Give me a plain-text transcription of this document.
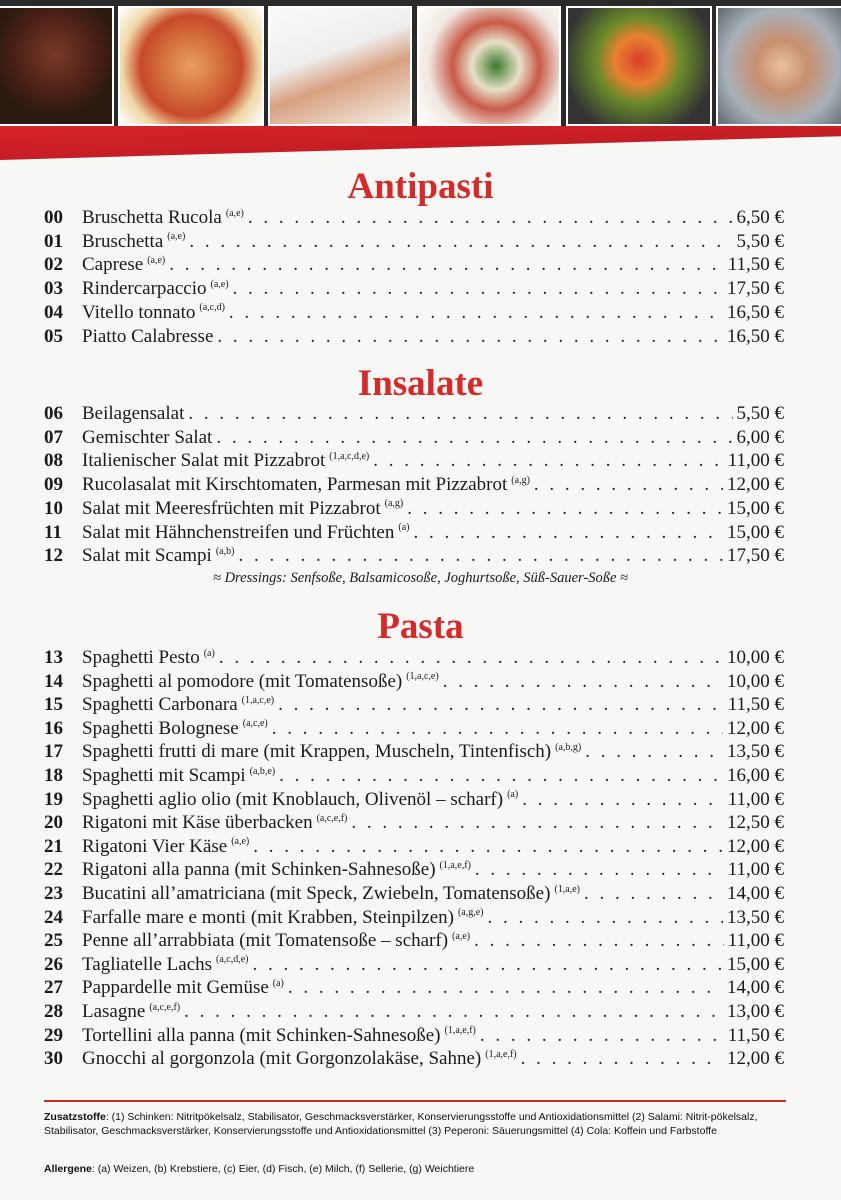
Antipasti
00	Bruschetta Rucola $^{(a,e)}$ . . .	6,50 €
01	Bruschetta $^{(a,e)}$ . . .	5,50 €
02	Caprese $^{(a,e)}$ . . .	11,50 €
03	Rindercarpaccio $^{(a,e)}$ . . .	17,50 €
04	Vitello tonnato $^{(a,c,d)}$ . . .	16,50 €
05	Piatto Calabresse . . .	16,50 €
Insalate
06	Beilagensalat . . .	5,50 €
07	Gemischter Salat . . .	6,00 €
08	Italienischer Salat mit Pizzabrot $^{(1,a,c,d,e)}$ . . .	11,00 €
09	Rucolasalat mit Kirschtomaten, Parmesan mit Pizzabrot $^{(a,g)}$ . . .	12,00 €
10	Salat mit Meeresfrüchten mit Pizzabrot $^{(a,g)}$ . . .	15,00 €
11	Salat mit Hähnchenstreifen und Früchten $^{(a)}$ . . .	15,00 €
12	Salat mit Scampi $^{(a,b)}$ . . .	17,50 €
≈ Dressings: Senfsoße, Balsamicosoße, Joghurtsoße, Süß-Sauer-Soße ≈
Pasta
13	Spaghetti Pesto $^{(a)}$ . . .	10,00 €
14	Spaghetti al pomodore (mit Tomatensoße) $^{(1,a,c,e)}$ . . .	10,00 €
15	Spaghetti Carbonara $^{(1,a,c,e)}$ . . .	11,50 €
16	Spaghetti Bolognese $^{(a,c,e)}$ . . .	12,00 €
17	Spaghetti frutti di mare (mit Krappen, Muscheln, Tintenfisch) $^{(a,b,g)}$ . . .	13,50 €
18	Spaghetti mit Scampi $^{(a,b,e)}$ . . .	16,00 €
19	Spaghetti aglio olio (mit Knoblauch, Olivenöl – scharf) $^{(a)}$ . . .	11,00 €
20	Rigatoni mit Käse überbacken $^{(a,c,e,f)}$ . . .	12,50 €
21	Rigatoni Vier Käse $^{(a,e)}$ . . .	12,00 €
22	Rigatoni alla panna (mit Schinken-Sahnesoße) $^{(1,a,e,f)}$ . . .	11,00 €
23	Bucatini all’amatriciana (mit Speck, Zwiebeln, Tomatensoße) $^{(1,a,e)}$ . . .	14,00 €
24	Farfalle mare e monti (mit Krabben, Steinpilzen) $^{(a,g,e)}$ . . .	13,50 €
25	Penne all’arrabbiata (mit Tomatensoße – scharf) $^{(a,e)}$ . . .	11,00 €
26	Tagliatelle Lachs $^{(a,c,d,e)}$ . . .	15,00 €
27	Pappardelle mit Gemüse $^{(a)}$ . . .	14,00 €
28	Lasagne $^{(a,c,e,f)}$ . . .	13,00 €
29	Tortellini alla panna (mit Schinken-Sahnesoße) $^{(1,a,e,f)}$ . . .	11,50 €
30	Gnocchi al gorgonzola (mit Gorgonzolakäse, Sahne) $^{(1,a,e,f)}$ . . .	12,00 €
Zusatzstoffe: (1) Schinken: Nitritpökelsalz, Stabilisator, Geschmacksverstärker, Konservierungsstoffe und Antioxidationsmittel (2) Salami: Nitrit-pökelsalz, Stabilisator, Geschmacksverstärker, Konservierungsstoffe und Antioxidationsmittel (3) Peperoni: Säuerungsmittel (4) Cola: Koffein und Farbstoffe
Allergene: (a) Weizen, (b) Krebstiere, (c) Eier, (d) Fisch, (e) Milch, (f) Sellerie, (g) Weichtiere
